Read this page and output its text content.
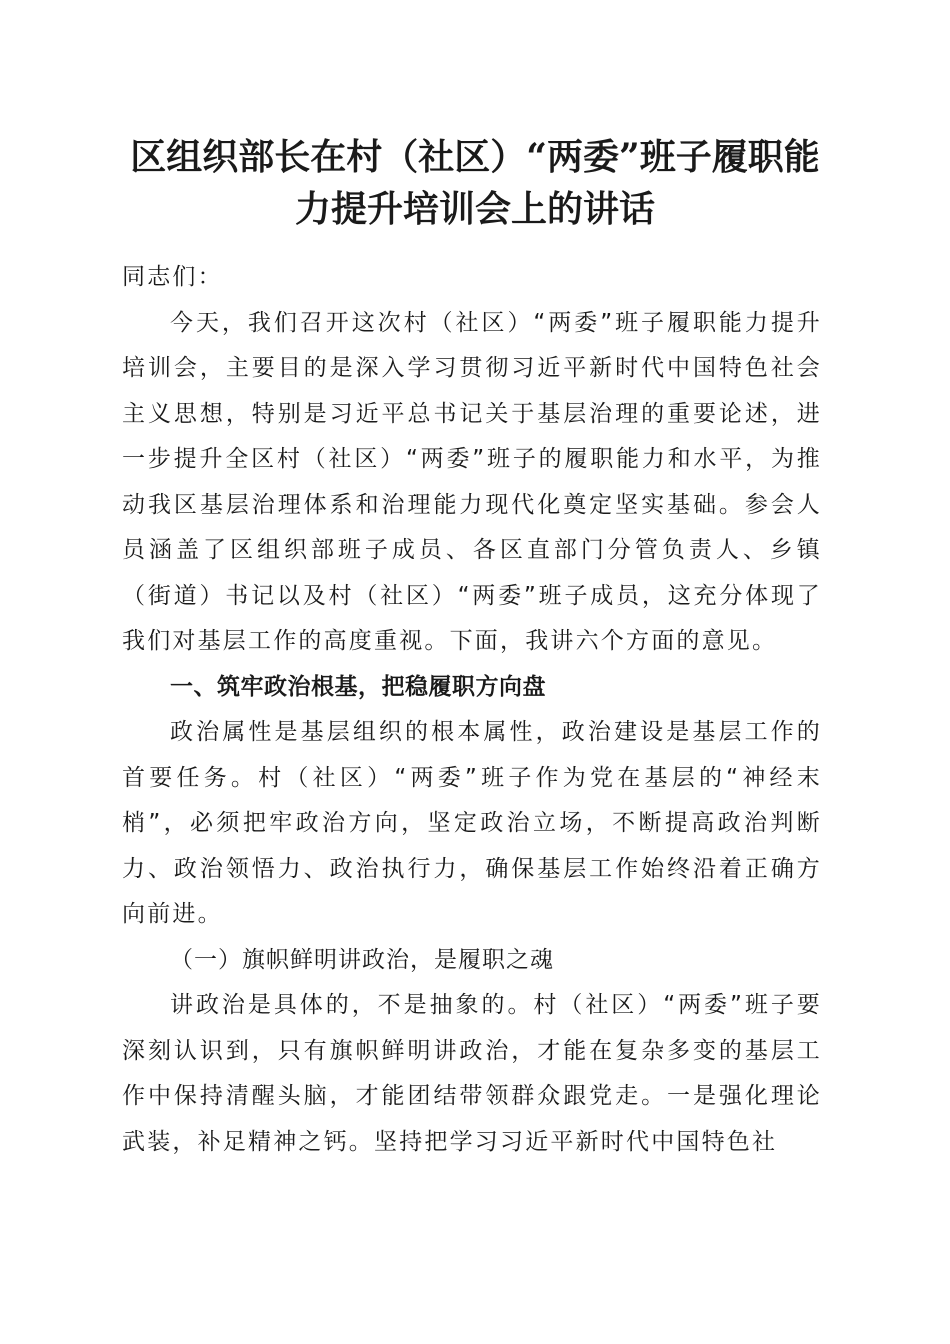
区组织部长在村（社区）“两委”班子履职能
力提升培训会上的讲话

同志们：

今天，我们召开这次村（社区）“两委”班子履职能力提升培训会，主要目的是深入学习贯彻习近平新时代中国特色社会主义思想，特别是习近平总书记关于基层治理的重要论述，进一步提升全区村（社区）“两委”班子的履职能力和水平，为推动我区基层治理体系和治理能力现代化奠定坚实基础。参会人员涵盖了区组织部班子成员、各区直部门分管负责人、乡镇（街道）书记以及村（社区）“两委”班子成员，这充分体现了我们对基层工作的高度重视。下面，我讲六个方面的意见。

一、筑牢政治根基，把稳履职方向盘

政治属性是基层组织的根本属性，政治建设是基层工作的首要任务。村（社区）“两委”班子作为党在基层的“神经末梢”，必须把牢政治方向，坚定政治立场，不断提高政治判断力、政治领悟力、政治执行力，确保基层工作始终沿着正确方向前进。

（一）旗帜鲜明讲政治，是履职之魂

讲政治是具体的，不是抽象的。村（社区）“两委”班子要深刻认识到，只有旗帜鲜明讲政治，才能在复杂多变的基层工作中保持清醒头脑，才能团结带领群众跟党走。一是强化理论武装，补足精神之钙。坚持把学习习近平新时代中国特色社
